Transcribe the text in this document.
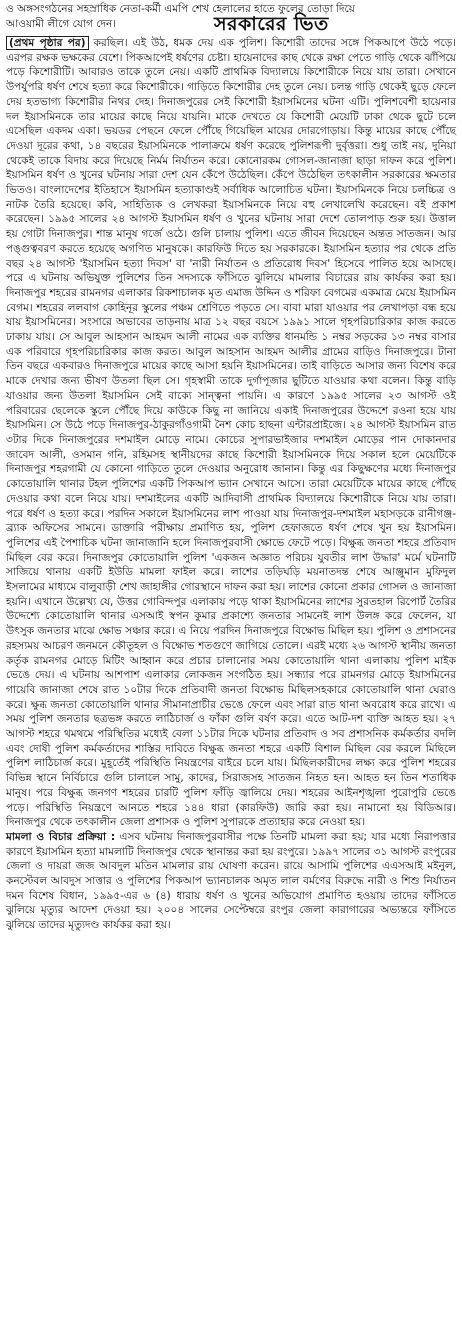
ও অঙ্গসংগঠনের সহস্রাধিক নেতা-কর্মী এমপি শেখ হেলালের হাতে ফুলের তোড়া দিয়ে
আওয়ামী লীগে যোগ দেন।	সরকারের ভিত

(প্রথম পৃষ্ঠার পর) করছিল। এই উঠ, ধমক দেয় এক পুলিশ। কিশোরী তাদের সঙ্গে পিকআপে উঠে পড়ে। এরপর রক্ষক ভক্ষকের বেশে। পিকআপেই ধর্ষণের চেষ্টা। হায়েনাদের কাছ থেকে রক্ষা পেতে গাড়ি থেকে ঝাঁপিয়ে পড়ে কিশোরীটি। আবারও তাকে তুলে নেয়। একটি প্রাথমিক বিদ্যালয়ে কিশোরীকে নিয়ে যায় তারা। সেখানে উপর্যুপরি ধর্ষণ শেষে হত্যা করে কিশোরীকে। গাড়িতে কিশোরীর দেহ তুলে নেয়। চলন্ত গাড়ি থেকেই ছুড়ে ফেলে দেয় হতভাগ্য কিশোরীর নিথর দেহ। দিনাজপুরের সেই কিশোরী ইয়াসমিনের ঘটনা এটি। পুলিশবেশী হায়েনার দল ইয়াসমিনকে তার মায়ের কাছে নিয়ে যায়নি। মাকে দেখতে যে কিশোরী মেয়েটি ঢাকা থেকে ছুটে চলে এসেছিল একদম একা। ভয়ডর পেছনে ফেলে পৌঁছে গিয়েছিল মায়ের দোরগোড়ায়। কিন্তু মায়ের কাছে পৌঁছে দেওয়া দূরের কথা, ১৪ বছরের ইয়াসমিনকে পালাক্রমে ধর্ষণ করেছে পুলিশরূপী দুর্বৃত্তরা। শুধু তাই নয়, দুনিয়া থেকেই তাকে বিদায় করে দিয়েছে নির্মম নির্যাতন করে। কোনোরকম গোসল-জানাজা ছাড়া দাফন করে পুলিশ। ইয়াসমিন ধর্ষণ ও খুনের ঘটনায় সারা দেশ যেন কেঁপে উঠেছিল। কেঁপে উঠেছিল তৎকালীন সরকারের ক্ষমতার ভিতও। বাংলাদেশের ইতিহাসে ইয়াসমিন হত্যাকাণ্ডই সর্বাধিক আলোচিত ঘটনা। ইয়াসমিনকে নিয়ে চলচ্চিত্র ও নাটক তৈরি হয়েছে। কবি, সাহিত্যিক ও লেখকরা ইয়াসমিনকে নিয়ে বহু লেখালেখি করেছেন। বই প্রকাশ করেছেন। ১৯৯৫ সালের ২৪ আগস্ট ইয়াসমিন ধর্ষণ ও খুনের ঘটনায় সারা দেশে তোলপাড় শুরু হয়। উত্তাল হয় গোটা দিনাজপুর। শান্ত মানুষ গর্জে ওঠে। গুলি চালায় পুলিশ। এতে জীবন দিয়েছেন অন্তত সাতজন। আর পঙ্গুত্ববরণ করতে হয়েছে অগণিত মানুষকে। কারফিউ দিতে হয় সরকারকে। ইয়াসমিন হত্যার পর থেকে প্রতি বছর ২৪ আগস্ট 'ইয়াসমিন হত্যা দিবস' বা 'নারী নির্যাতন ও প্রতিরোধ দিবস' হিসেবে পালিত হয়ে আসছে। পরে এ ঘটনায় অভিযুক্ত পুলিশের তিন সদস্যকে ফাঁসিতে ঝুলিয়ে মামলার বিচারের রায় কার্যকর করা হয়। দিনাজপুর শহরের রামনগর এলাকার রিকশাচালক মৃত এমাজ উদ্দিন ও শরিফা বেগমের একমাত্র মেয়ে ইয়াসমিন বেগম। শহরের ললবাগ কোহিনূর স্কুলের পঞ্চম শ্রেণিতে পড়তে সে। বাবা মারা যাওয়ার পর লেখাপড়া বন্ধ হয়ে যায় ইয়াসমিনের। সংসারে অভাবের তাড়নায় মাত্র ১২ বছর বয়সে ১৯৯১ সালে গৃহপরিচারিকার কাজ করতে ঢাকায় যায়। সে আবুল আহসান আহমদ আলী নামের এক ব্যক্তির ধানমন্ডি ১ নম্বর সড়কের ১৩ নম্বর বাসার এক পরিবারে গৃহপরিচারিকার কাজ করত। আবুল আহসান আহমদ আলীর গ্রামের বাড়িও দিনাজপুরে। টানা তিন বছরে একবারও দিনাজপুরে মায়ের কাছে আসা হয়নি ইয়াসমিনের। তাই বাড়িতে আসার জন্য বিশেষ করে মাকে দেখার জন্য ভীষণ উতলা ছিল সে। গৃহস্বামী তাকে দুর্গাপূজার ছুটিতে যাওয়ার কথা বলেন। কিন্তু বাড়ি যাওয়ার জন্য উতলা ইয়াসমিন সেই বাক্যে সান্ত্বনা পায়নি। এ কারণে ১৯৯৫ সালের ২৩ আগস্ট ওই পরিবারের ছেলেকে স্কুলে পৌঁছে দিয়ে কাউকে কিছু না জানিয়ে একাই দিনাজপুরের উদ্দেশে রওনা হয়ে যায় ইয়াসমিন। সে উঠে পড়ে দিনাজপুর-ঠাকুরগাঁওগামী নৈশ কোচ হাছনা এন্টারপ্রাইজে। ২৪ আগস্ট ইয়াসমিন রাত ৩টার দিকে দিনাজপুরের দশমাইল মোড়ে নামে। কোচের সুপারভাইজার দশমাইল মোড়ের পান দোকানদার জাবেদ আলী, ওসমান গনি, রহিমসহ স্থানীয়দের কাছে কিশোরী ইয়াসমিনকে দিয়ে সকাল হলে মেয়েটিকে দিনাজপুর শহরগামী যে কোনো গাড়িতে তুলে দেওয়ার অনুরোধ জানান। কিন্তু এর কিছুক্ষণের মধ্যে দিনাজপুর কোতোয়ালি থানার টহল পুলিশের একটি পিকআপ ভ্যান সেখানে আসে। তারা মেয়েটিকে মায়ের কাছে পৌঁছে দেওয়ার কথা বলে নিয়ে যায়। দশমাইলের একটি আদিবাসী প্রাথমিক বিদ্যালয়ে কিশোরীকে নিয়ে যায় তারা। পরে ধর্ষণ ও হত্যা করে। পরদিন সকালে ইয়াসমিনের লাশ পাওয়া যায় দিনাজপুর-দশমাইল মহাসড়কে রানীগঞ্জ-ব্র্যাক অফিসের সামনে। ডাক্তারি পরীক্ষায় প্রমাণিত হয়, পুলিশ হেফাজতে ধর্ষণ শেষে খুন হয় ইয়াসমিন। পুলিশের এই পৈশাচিক ঘটনা জানাজানি হলে দিনাজপুরবাসী ক্ষোভে ফেটে পড়ে। বিক্ষুব্ধ জনতা শহরে প্রতিবাদ মিছিল বের করে। দিনাজপুর কোতোয়ালি পুলিশ 'একজন অজ্ঞাত পরিচয় যুবতীর লাশ উদ্ধার' মর্মে ঘটনাটি সাজিয়ে থানায় একটি ইউডি মামলা ফাইল করে। লাশের তড়িঘড়ি ময়নাতদন্ত শেষে আঞ্জুমান মুফিদুল ইসলামের মাধ্যমে বালুবাড়ী শেখ জাহাঙ্গীর গোরস্থানে দাফন করা হয়। লাশের কোনো প্রকার গোসল ও জানাজা হয়নি। এখানে উল্লেখ্য যে, উত্তর গোবিন্দপুর এলাকায় পড়ে থাকা ইয়াসমিনের লাশের সুরতহাল রিপোর্ট তৈরির উদ্দেশ্যে কোতোয়ালি থানার এসআই স্বপন কুমার প্রকাশ্যে জনতার সামনেই লাশ উলঙ্গ করে ফেলেন, যা উৎসুক জনতার মাঝে ক্ষোভ সঞ্চার করে। এ নিয়ে পরদিন দিনাজপুরে বিক্ষোভ মিছিল হয়। পুলিশ ও প্রশাসনের রহস্যময় আচরণ জনমনে কৌতূহল ও বিক্ষোভ শতগুণে জাগিয়ে তোলে। এরই মধ্যে ২৬ আগস্ট স্থানীয় জনতা কর্তৃক রামনগর মোড়ে মিটিং আহ্বান করে প্রচার চালানোর সময় কোতোয়ালি থানা এলাকায় পুলিশ মাইক ভেঙে দেয়। এ ঘটনায় আশপাশ এলাকার লোকজন সংগঠিত হয়। সন্ধ্যার পরে রামনগর মোড়ে ইয়াসমিনের গায়েবি জানাজা শেষে রাত ১০টার দিকে প্রতিবাদী জনতা বিক্ষোভ মিছিলসহকারে কোতোয়ালি থানা ঘেরাও করে। ক্ষুব্ধ জনতা কোতোয়ালি থানার সীমানাপ্রাচীর ভেঙে ফেলে এবং সারা রাত থানা অবরোধ করে রাখে। এ সময় পুলিশ জনতার ছত্রভঙ্গ করতে লাঠিচার্জ ও ফাঁকা গুলি বর্ষণ করে। এতে আট-দশ ব্যক্তি আহত হয়। ২৭ আগস্ট শহরে থমথমে পরিস্থিতির মধ্যেই বেলা ১১টার দিকে ঘটনার প্রতিবাদ ও সব প্রশাসনিক কর্মকর্তার বদলি এবং দোষী পুলিশ কর্মকর্তাদের শাস্তির দাবিতে বিক্ষুব্ধ জনতা শহরে একটি বিশাল মিছিল বের করলে মিছিলে পুলিশ লাঠিচার্জ করে। মুহূর্তেই পরিস্থিতি নিয়ন্ত্রণের বাইরে চলে যায়। মিছিলকারীদের লক্ষ্য করে পুলিশ শহরের বিভিন্ন স্থানে নির্বিচারে গুলি চালালে সামু, কাদের, সিরাজসহ সাতজন নিহত হন। আহত হন তিন শতাধিক মানুষ। পরে বিক্ষুব্ধ জনগণ শহরের চারটি পুলিশ ফাঁড়ি জ্বালিয়ে দেয়। শহরের আইনশৃঙ্খলা পুরোপুরি ভেঙে পড়ে। পরিস্থিতি নিয়ন্ত্রণে আনতে শহরে ১৪৪ ধারা (কারফিউ) জারি করা হয়। নামানো হয় বিডিআর। দিনাজপুর থেকে তৎকালীন জেলা প্রশাসক ও পুলিশ সুপারকে প্রত্যাহার করে নেওয়া হয়।

মামলা ও বিচার প্রক্রিয়া : এসব ঘটনায় দিনাজপুরবাসীর পক্ষে তিনটি মামলা করা হয়; যার মধ্যে নিরাপত্তার কারণে ইয়াসমিন হত্যা মামলাটি দিনাজপুর থেকে স্থানান্তর করা হয় রংপুরে। ১৯৯৭ সালের ৩১ আগস্ট রংপুরের জেলা ও দায়রা জজ আবদুল মতিন মামলার রায় ঘোষণা করেন। রায়ে আসামি পুলিশের এএসআই মইনুল, কনস্টেবল আবদুস সাত্তার ও পুলিশের পিকআপ ভ্যানচালক অমৃত লাল বর্মণের বিরুদ্ধে নারী ও শিশু নির্যাতন দমন বিশেষ বিধান, ১৯৯৫-এর ৬ (৪) ধারায় ধর্ষণ ও খুনের অভিযোগ প্রমাণিত হওয়ায় তাদের ফাঁসিতে ঝুলিয়ে মৃত্যুর আদেশ দেওয়া হয়। ২০০৪ সালের সেপ্টেম্বরে রংপুর জেলা কারাগারের অভ্যন্তরে ফাঁসিতে ঝুলিয়ে তাদের মৃত্যুদণ্ড কার্যকর করা হয়।
